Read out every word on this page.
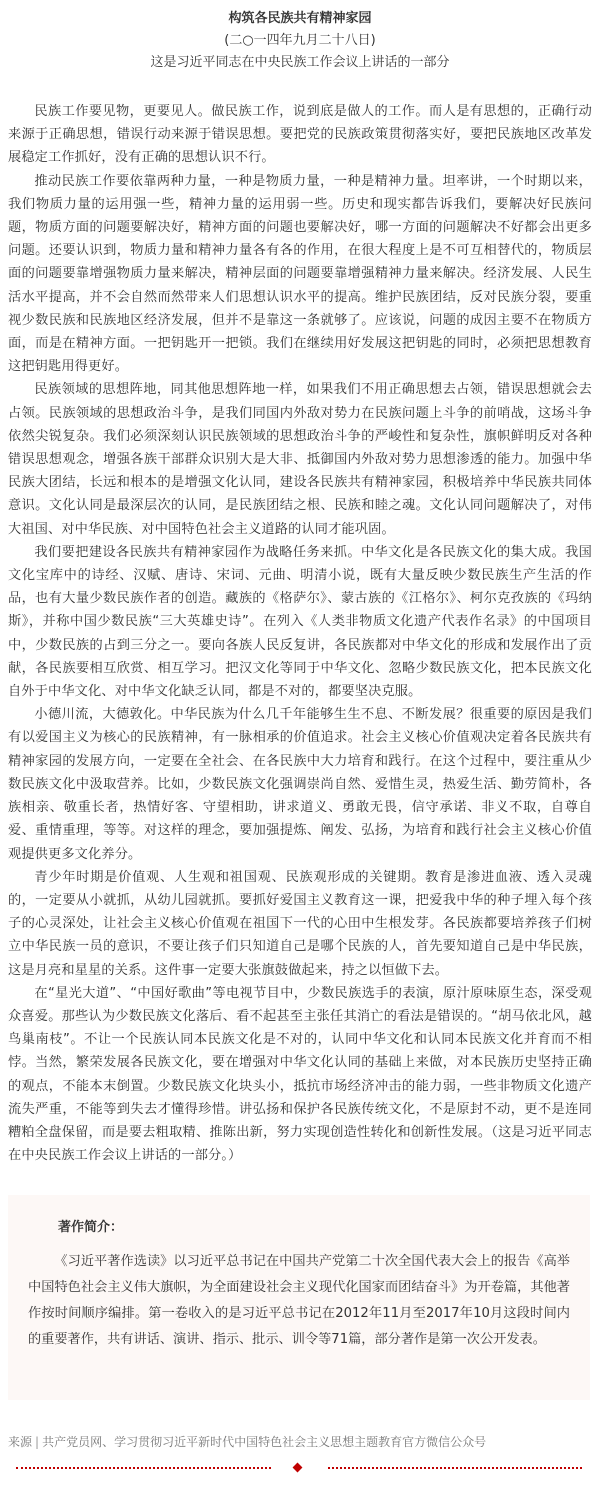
构筑各民族共有精神家园

(二○一四年九月二十八日)

这是习近平同志在中央民族工作会议上讲话的一部分

民族工作要见物，更要见人。做民族工作，说到底是做人的工作。而人是有思想的，正确行动来源于正确思想，错误行动来源于错误思想。要把党的民族政策贯彻落实好，要把民族地区改革发展稳定工作抓好，没有正确的思想认识不行。

推动民族工作要依靠两种力量，一种是物质力量，一种是精神力量。坦率讲，一个时期以来，我们物质力量的运用强一些，精神力量的运用弱一些。历史和现实都告诉我们，要解决好民族问题，物质方面的问题要解决好，精神方面的问题也要解决好，哪一方面的问题解决不好都会出更多问题。还要认识到，物质力量和精神力量各有各的作用，在很大程度上是不可互相替代的，物质层面的问题要靠增强物质力量来解决，精神层面的问题要靠增强精神力量来解决。经济发展、人民生活水平提高，并不会自然而然带来人们思想认识水平的提高。维护民族团结，反对民族分裂，要重视少数民族和民族地区经济发展，但并不是靠这一条就够了。应该说，问题的成因主要不在物质方面，而是在精神方面。一把钥匙开一把锁。我们在继续用好发展这把钥匙的同时，必须把思想教育这把钥匙用得更好。

民族领域的思想阵地，同其他思想阵地一样，如果我们不用正确思想去占领，错误思想就会去占领。民族领域的思想政治斗争，是我们同国内外敌对势力在民族问题上斗争的前哨战，这场斗争依然尖锐复杂。我们必须深刻认识民族领域的思想政治斗争的严峻性和复杂性，旗帜鲜明反对各种错误思想观念，增强各族干部群众识别大是大非、抵御国内外敌对势力思想渗透的能力。加强中华民族大团结，长远和根本的是增强文化认同，建设各民族共有精神家园，积极培养中华民族共同体意识。文化认同是最深层次的认同，是民族团结之根、民族和睦之魂。文化认同问题解决了，对伟大祖国、对中华民族、对中国特色社会主义道路的认同才能巩固。

我们要把建设各民族共有精神家园作为战略任务来抓。中华文化是各民族文化的集大成。我国文化宝库中的诗经、汉赋、唐诗、宋词、元曲、明清小说，既有大量反映少数民族生产生活的作品，也有大量少数民族作者的创造。藏族的《格萨尔》、蒙古族的《江格尔》、柯尔克孜族的《玛纳斯》，并称中国少数民族“三大英雄史诗”。在列入《人类非物质文化遗产代表作名录》的中国项目中，少数民族的占到三分之一。要向各族人民反复讲，各民族都对中华文化的形成和发展作出了贡献，各民族要相互欣赏、相互学习。把汉文化等同于中华文化、忽略少数民族文化，把本民族文化自外于中华文化、对中华文化缺乏认同，都是不对的，都要坚决克服。

小德川流，大德敦化。中华民族为什么几千年能够生生不息、不断发展？很重要的原因是我们有以爱国主义为核心的民族精神，有一脉相承的价值追求。社会主义核心价值观决定着各民族共有精神家园的发展方向，一定要在全社会、在各民族中大力培育和践行。在这个过程中，要注重从少数民族文化中汲取营养。比如，少数民族文化强调崇尚自然、爱惜生灵，热爱生活、勤劳简朴，各族相亲、敬重长者，热情好客、守望相助，讲求道义、勇敢无畏，信守承诺、非义不取，自尊自爱、重情重理，等等。对这样的理念，要加强提炼、阐发、弘扬，为培育和践行社会主义核心价值观提供更多文化养分。

青少年时期是价值观、人生观和祖国观、民族观形成的关键期。教育是渗进血液、透入灵魂的，一定要从小就抓，从幼儿园就抓。要抓好爱国主义教育这一课，把爱我中华的种子埋入每个孩子的心灵深处，让社会主义核心价值观在祖国下一代的心田中生根发芽。各民族都要培养孩子们树立中华民族一员的意识，不要让孩子们只知道自己是哪个民族的人，首先要知道自己是中华民族，这是月亮和星星的关系。这件事一定要大张旗鼓做起来，持之以恒做下去。

在“星光大道”、“中国好歌曲”等电视节目中，少数民族选手的表演，原汁原味原生态，深受观众喜爱。那些认为少数民族文化落后、看不起甚至主张任其消亡的看法是错误的。“胡马依北风，越鸟巢南枝”。不让一个民族认同本民族文化是不对的，认同中华文化和认同本民族文化并育而不相悖。当然，繁荣发展各民族文化，要在增强对中华文化认同的基础上来做，对本民族历史坚持正确的观点，不能本末倒置。少数民族文化块头小，抵抗市场经济冲击的能力弱，一些非物质文化遗产流失严重，不能等到失去才懂得珍惜。讲弘扬和保护各民族传统文化，不是原封不动，更不是连同糟粕全盘保留，而是要去粗取精、推陈出新，努力实现创造性转化和创新性发展。（这是习近平同志在中央民族工作会议上讲话的一部分。）

著作简介：

《习近平著作选读》以习近平总书记在中国共产党第二十次全国代表大会上的报告《高举中国特色社会主义伟大旗帜，为全面建设社会主义现代化国家而团结奋斗》为开卷篇，其他著作按时间顺序编排。第一卷收入的是习近平总书记在2012年11月至2017年10月这段时间内的重要著作，共有讲话、演讲、指示、批示、训令等71篇，部分著作是第一次公开发表。

来源 | 共产党员网、学习贯彻习近平新时代中国特色社会主义思想主题教育官方微信公众号
